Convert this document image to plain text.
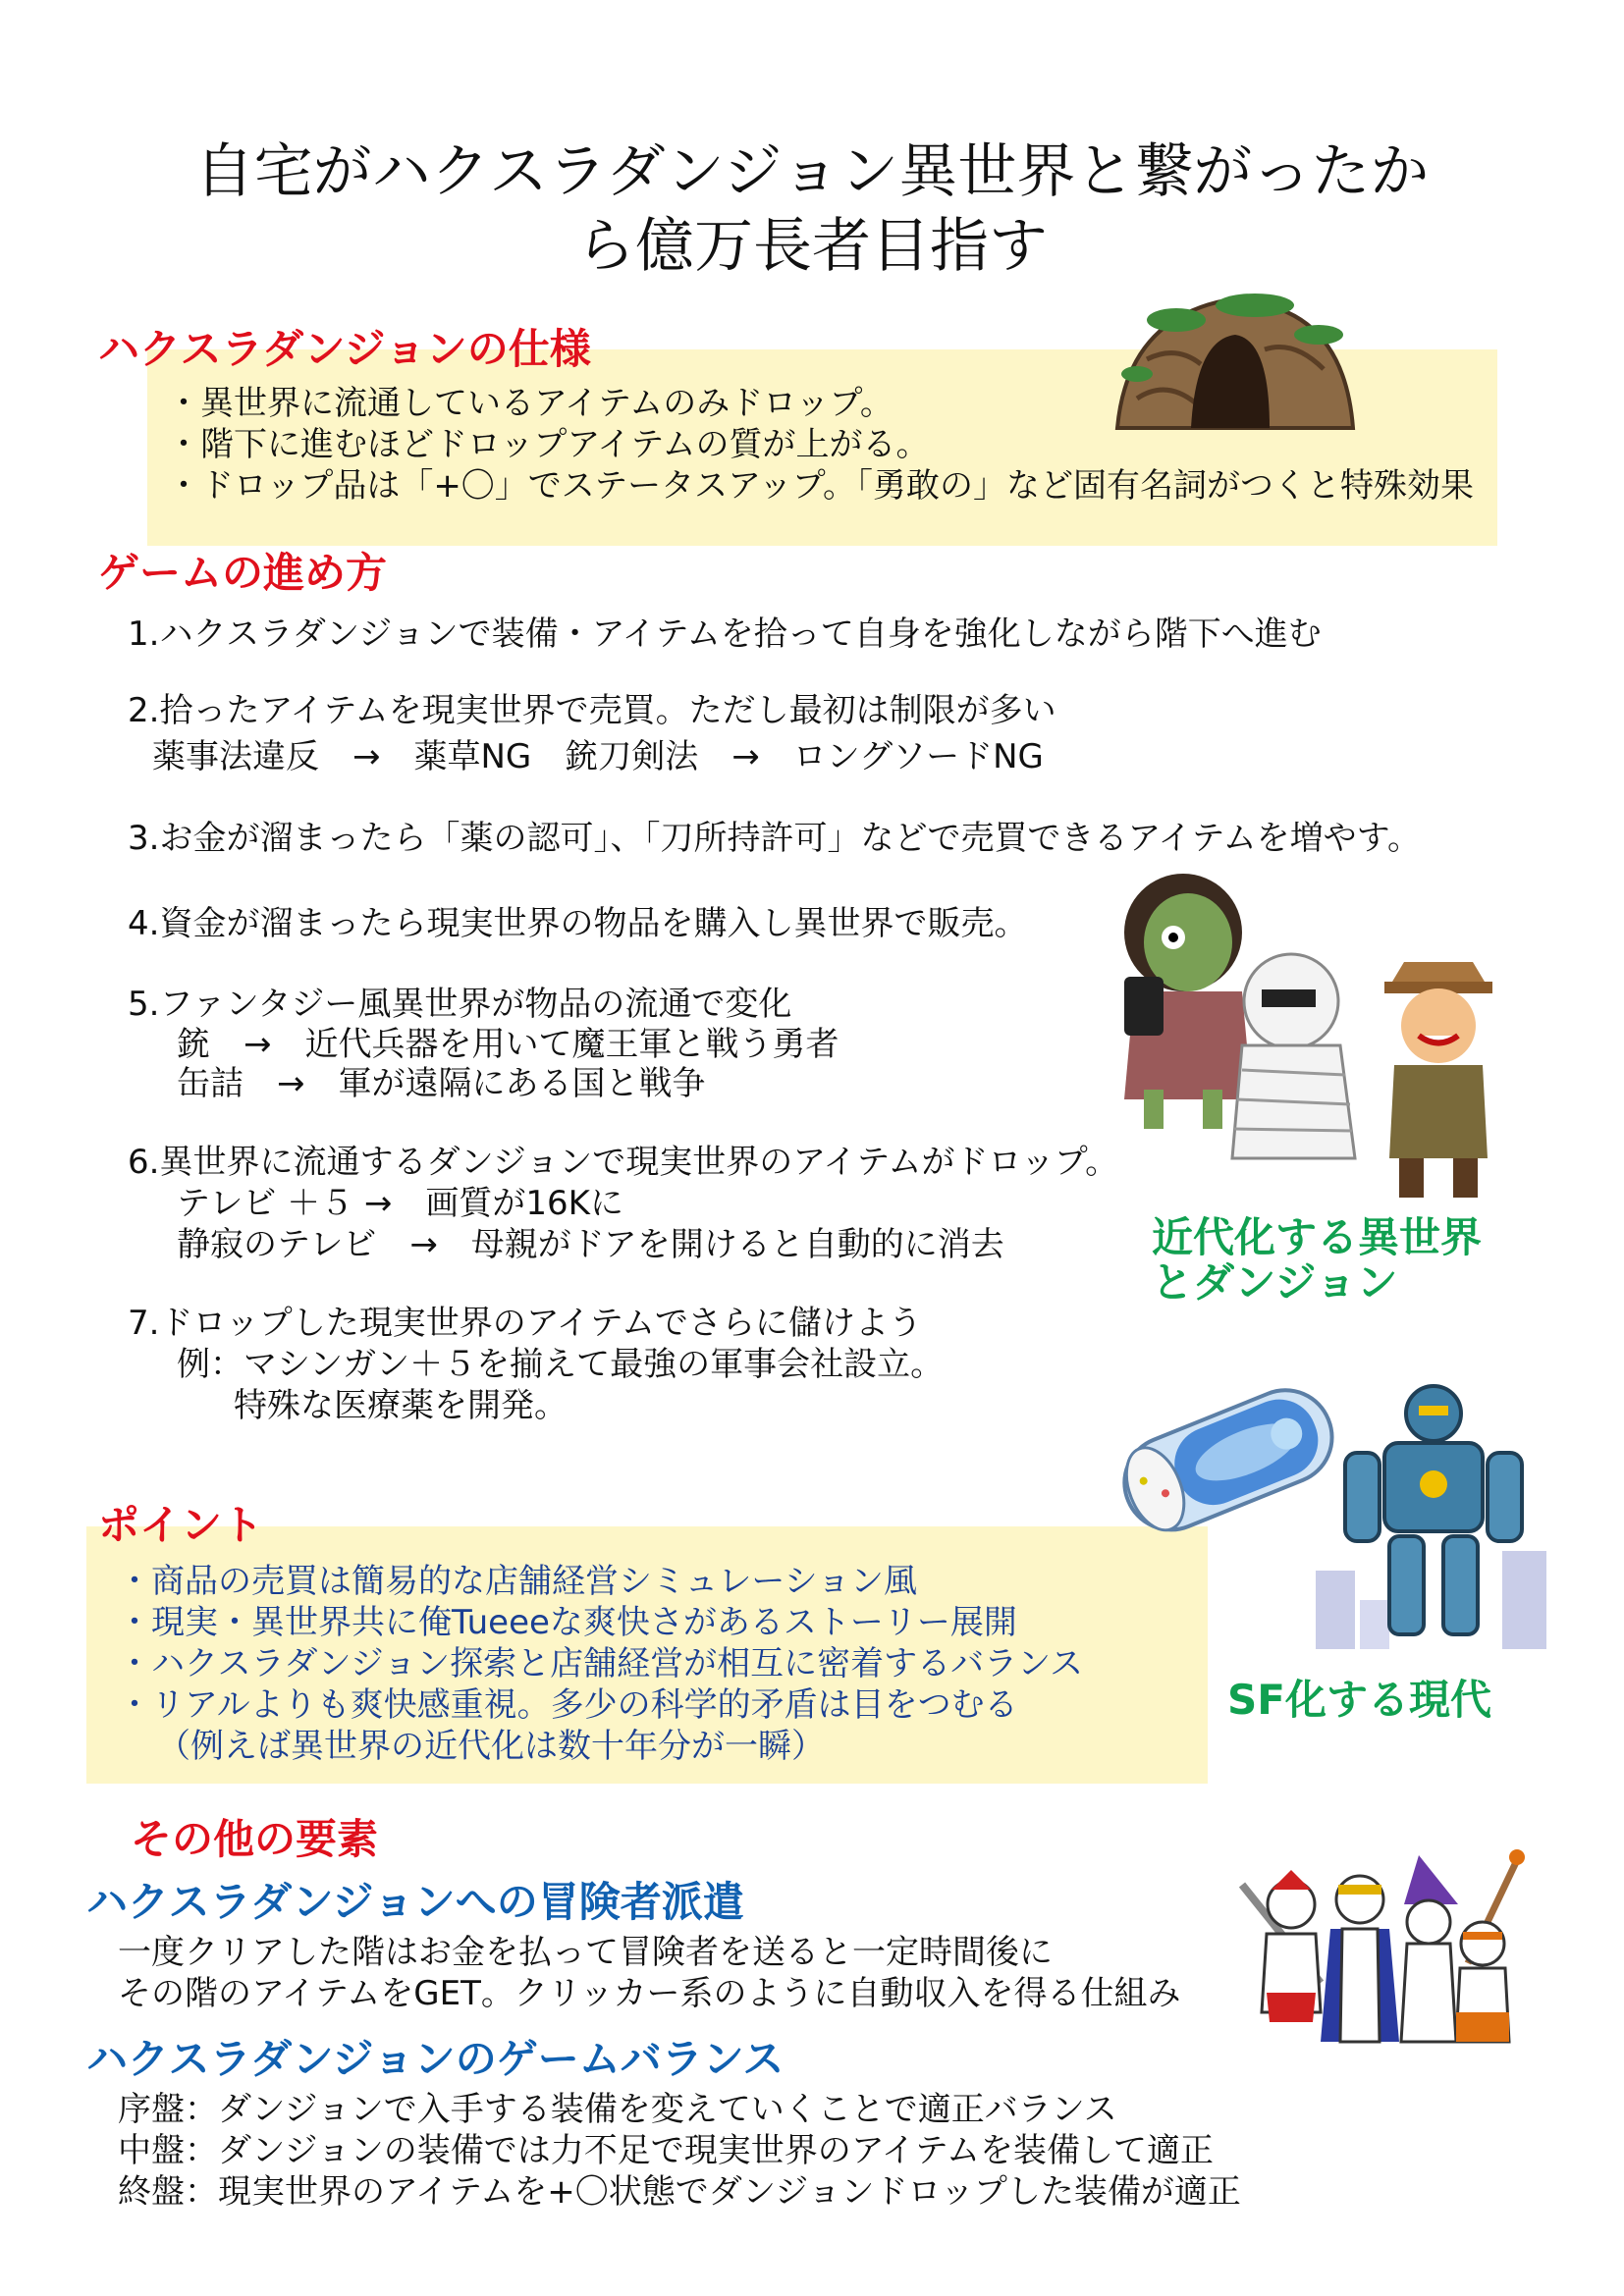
自宅がハクスラダンジョン異世界と繋がったか
ら億万長者目指す
ハクスラダンジョンの仕様
・異世界に流通しているアイテムのみドロップ。
・階下に進むほどドロップアイテムの質が上がる。
・ドロップ品は「+〇」でステータスアップ。「勇敢の」など固有名詞がつくと特殊効果
ゲームの進め方
1.ハクスラダンジョンで装備・アイテムを拾って自身を強化しながら階下へ進む
2.拾ったアイテムを現実世界で売買。ただし最初は制限が多い
薬事法違反　→　薬草NG　銃刀剣法　→　ロングソードNG
3.お金が溜まったら「薬の認可」、「刀所持許可」などで売買できるアイテムを増やす。
4.資金が溜まったら現実世界の物品を購入し異世界で販売。
5.ファンタジー風異世界が物品の流通で変化
銃　→　近代兵器を用いて魔王軍と戦う勇者
缶詰　→　軍が遠隔にある国と戦争
6.異世界に流通するダンジョンで現実世界のアイテムがドロップ。
テレビ ＋５ →　画質が16Kに
静寂のテレビ　→　母親がドアを開けると自動的に消去
7.ドロップした現実世界のアイテムでさらに儲けよう
例：マシンガン＋５を揃えて最強の軍事会社設立。
特殊な医療薬を開発。
近代化する異世界
とダンジョン
ポイント
・商品の売買は簡易的な店舗経営シミュレーション風
・現実・異世界共に俺Tueeeな爽快さがあるストーリー展開
・ハクスラダンジョン探索と店舗経営が相互に密着するバランス
・リアルよりも爽快感重視。多少の科学的矛盾は目をつむる
（例えば異世界の近代化は数十年分が一瞬）
SF化する現代
その他の要素
ハクスラダンジョンへの冒険者派遣
一度クリアした階はお金を払って冒険者を送ると一定時間後に
その階のアイテムをGET。クリッカー系のように自動収入を得る仕組み
ハクスラダンジョンのゲームバランス
序盤：ダンジョンで入手する装備を変えていくことで適正バランス
中盤：ダンジョンの装備では力不足で現実世界のアイテムを装備して適正
終盤：現実世界のアイテムを+〇状態でダンジョンドロップした装備が適正
